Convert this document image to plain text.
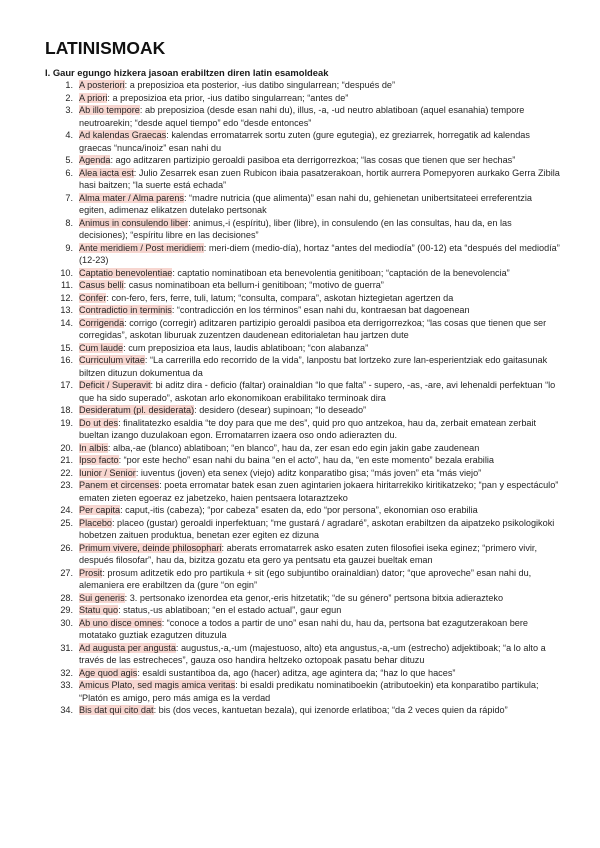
LATINISMOAK
I. Gaur egungo hizkera jasoan erabiltzen diren latin esamoldeak
1. A posteriori: a preposizioa eta posterior, -ius datibo singularrean; “después de”
2. A priori: a preposizioa eta prior, -ius datibo singularrean; “antes de”
3. Ab illo tempore: ab preposizioa (desde esan nahi du), illus, -a, -ud neutro ablatiboan (aquel esanahia) tempore neutroarekin; “desde aquel tiempo” edo “desde entonces”
4. Ad kalendas Graecas: kalendas erromatarrek sortu zuten (gure egutegia), ez greziarrek, horregatik ad kalendas graecas “nunca/inoiz” esan nahi du
5. Agenda: ago aditzaren partizipio geroaldi pasiboa eta derrigorrezkoa; “las cosas que tienen que ser hechas”
6. Alea iacta est: Julio Zesarrek esan zuen Rubicon ibaia pasatzerakoan, hortik aurrera Pomepyoren aurkako Gerra Zibila hasi baitzen; “la suerte está echada”
7. Alma mater / Alma parens: “madre nutricia (que alimenta)” esan nahi du, gehienetan unibertsitateei erreferentzia egiten, adimenaz elikatzen dutelako pertsonak
8. Animus in consulendo liber: animus,-i (espíritu), liber (libre), in consulendo (en las consultas, hau da, en las decisiones); “espíritu libre en las decisiones”
9. Ante meridiem / Post meridiem: meri-diem (medio-día), hortaz “antes del mediodía” (00-12) eta “después del mediodía” (12-23)
10. Captatio benevolentiae: captatio nominatiboan eta benevolentia genitiboan; “captación de la benevolencia”
11. Casus belli: casus nominatiboan eta bellum-i genitiboan; “motivo de guerra”
12. Confer: con-fero, fers, ferre, tuli, latum; “consulta, compara”, askotan hiztegietan agertzen da
13. Contradictio in terminis: “contradicción en los términos” esan nahi du, kontraesan bat dagoenean
14. Corrigenda: corrigo (corregir) aditzaren partizipio geroaldi pasiboa eta derrigorrezkoa; “las cosas que tienen que ser corregidas”, askotan liburuak zuzentzen daudenean editorialetan hau jartzen dute
15. Cum laude: cum preposizioa eta laus, laudis ablatiboan; “con alabanza”
16. Curriculum vitae: “La carrerilla edo recorrido de la vida”, lanpostu bat lortzeko zure lan-esperientziak edo gaitasunak biltzen dituzun dokumentua da
17. Deficit / Superavit: bi aditz dira - deficio (faltar) orainaldian “lo que falta” - supero, -as, -are, avi lehenaldi perfektuan “lo que ha sido superado”, askotan arlo ekonomikoan erabilitako terminoak dira
18. Desideratum (pl. desiderata): desidero (desear) supinoan; “lo deseado”
19. Do ut des: finalitatezko esaldia “te doy para que me des”, quid pro quo antzekoa, hau da, zerbait ematean zerbait bueltan izango duzulakoan egon. Erromatarren izaera oso ondo adierazten du.
20. In albis: alba,-ae (blanco) ablatiboan; “en blanco”, hau da, zer esan edo egin jakin gabe zaudenean
21. Ipso facto: “por este hecho” esan nahi du baina “en el acto”, hau da, “en este momento” bezala erabilia
22. Iunior / Senior: iuventus (joven) eta senex (viejo) aditz konparatibo gisa; “más joven” eta “más viejo”
23. Panem et circenses: poeta erromatar batek esan zuen agintarien jokaera hiritarrekiko kiritikatzeko; “pan y espectáculo” ematen zieten egoeraz ez jabetzeko, haien pentsaera lotaraztzeko
24. Per capita: caput,-itis (cabeza); “por cabeza” esaten da, edo “por persona”, ekonomian oso erabilia
25. Placebo: placeo (gustar) geroaldi inperfektuan; “me gustará / agradaré”, askotan erabiltzen da aipatzeko psikologikoki hobetzen zaituen produktua, benetan ezer egiten ez dizuna
26. Primum vivere, deinde philosophari: aberats erromatarrek asko esaten zuten filosofiei iseka eginez; “primero vivir, después filosofar”, hau da, bizitza gozatu eta gero ya pentsatu eta gauzei bueltak eman
27. Prosit: prosum aditzetik edo pro partikula + sit (ego subjuntibo orainaldian) dator; “que aproveche” esan nahi du, alemaniera ere erabiltzen da (gure “on egin”
28. Sui generis: 3. pertsonako izenordea eta genor,-eris hitzetatik; “de su género” pertsona bitxia adierazteko
29. Statu quo: status,-us ablatiboan; “en el estado actual”, gaur egun
30. Ab uno disce omnes: “conoce a todos a partir de uno” esan nahi du, hau da, pertsona bat ezagutzerakoan bere motatako guztiak ezagutzen dituzula
31. Ad augusta per angusta: augustus,-a,-um (majestuoso, alto) eta angustus,-a,-um (estrecho) adjektiboak; “a lo alto a través de las estrecheces”, gauza oso handira heltzeko oztopoak pasatu behar dituzu
32. Age quod agis: esaldi sustantiboa da, ago (hacer) aditza, age agintera da; “haz lo que haces”
33. Amicus Plato, sed magis amica veritas: bi esaldi predikatu nominatiboekin (atributoekin) eta konparatibo partikula; “Platón es amigo, pero más amiga es la verdad
34. Bis dat qui cito dat: bis (dos veces, kantuetan bezala), qui izenorde erlatiboa; “da 2 veces quien da rápido”
